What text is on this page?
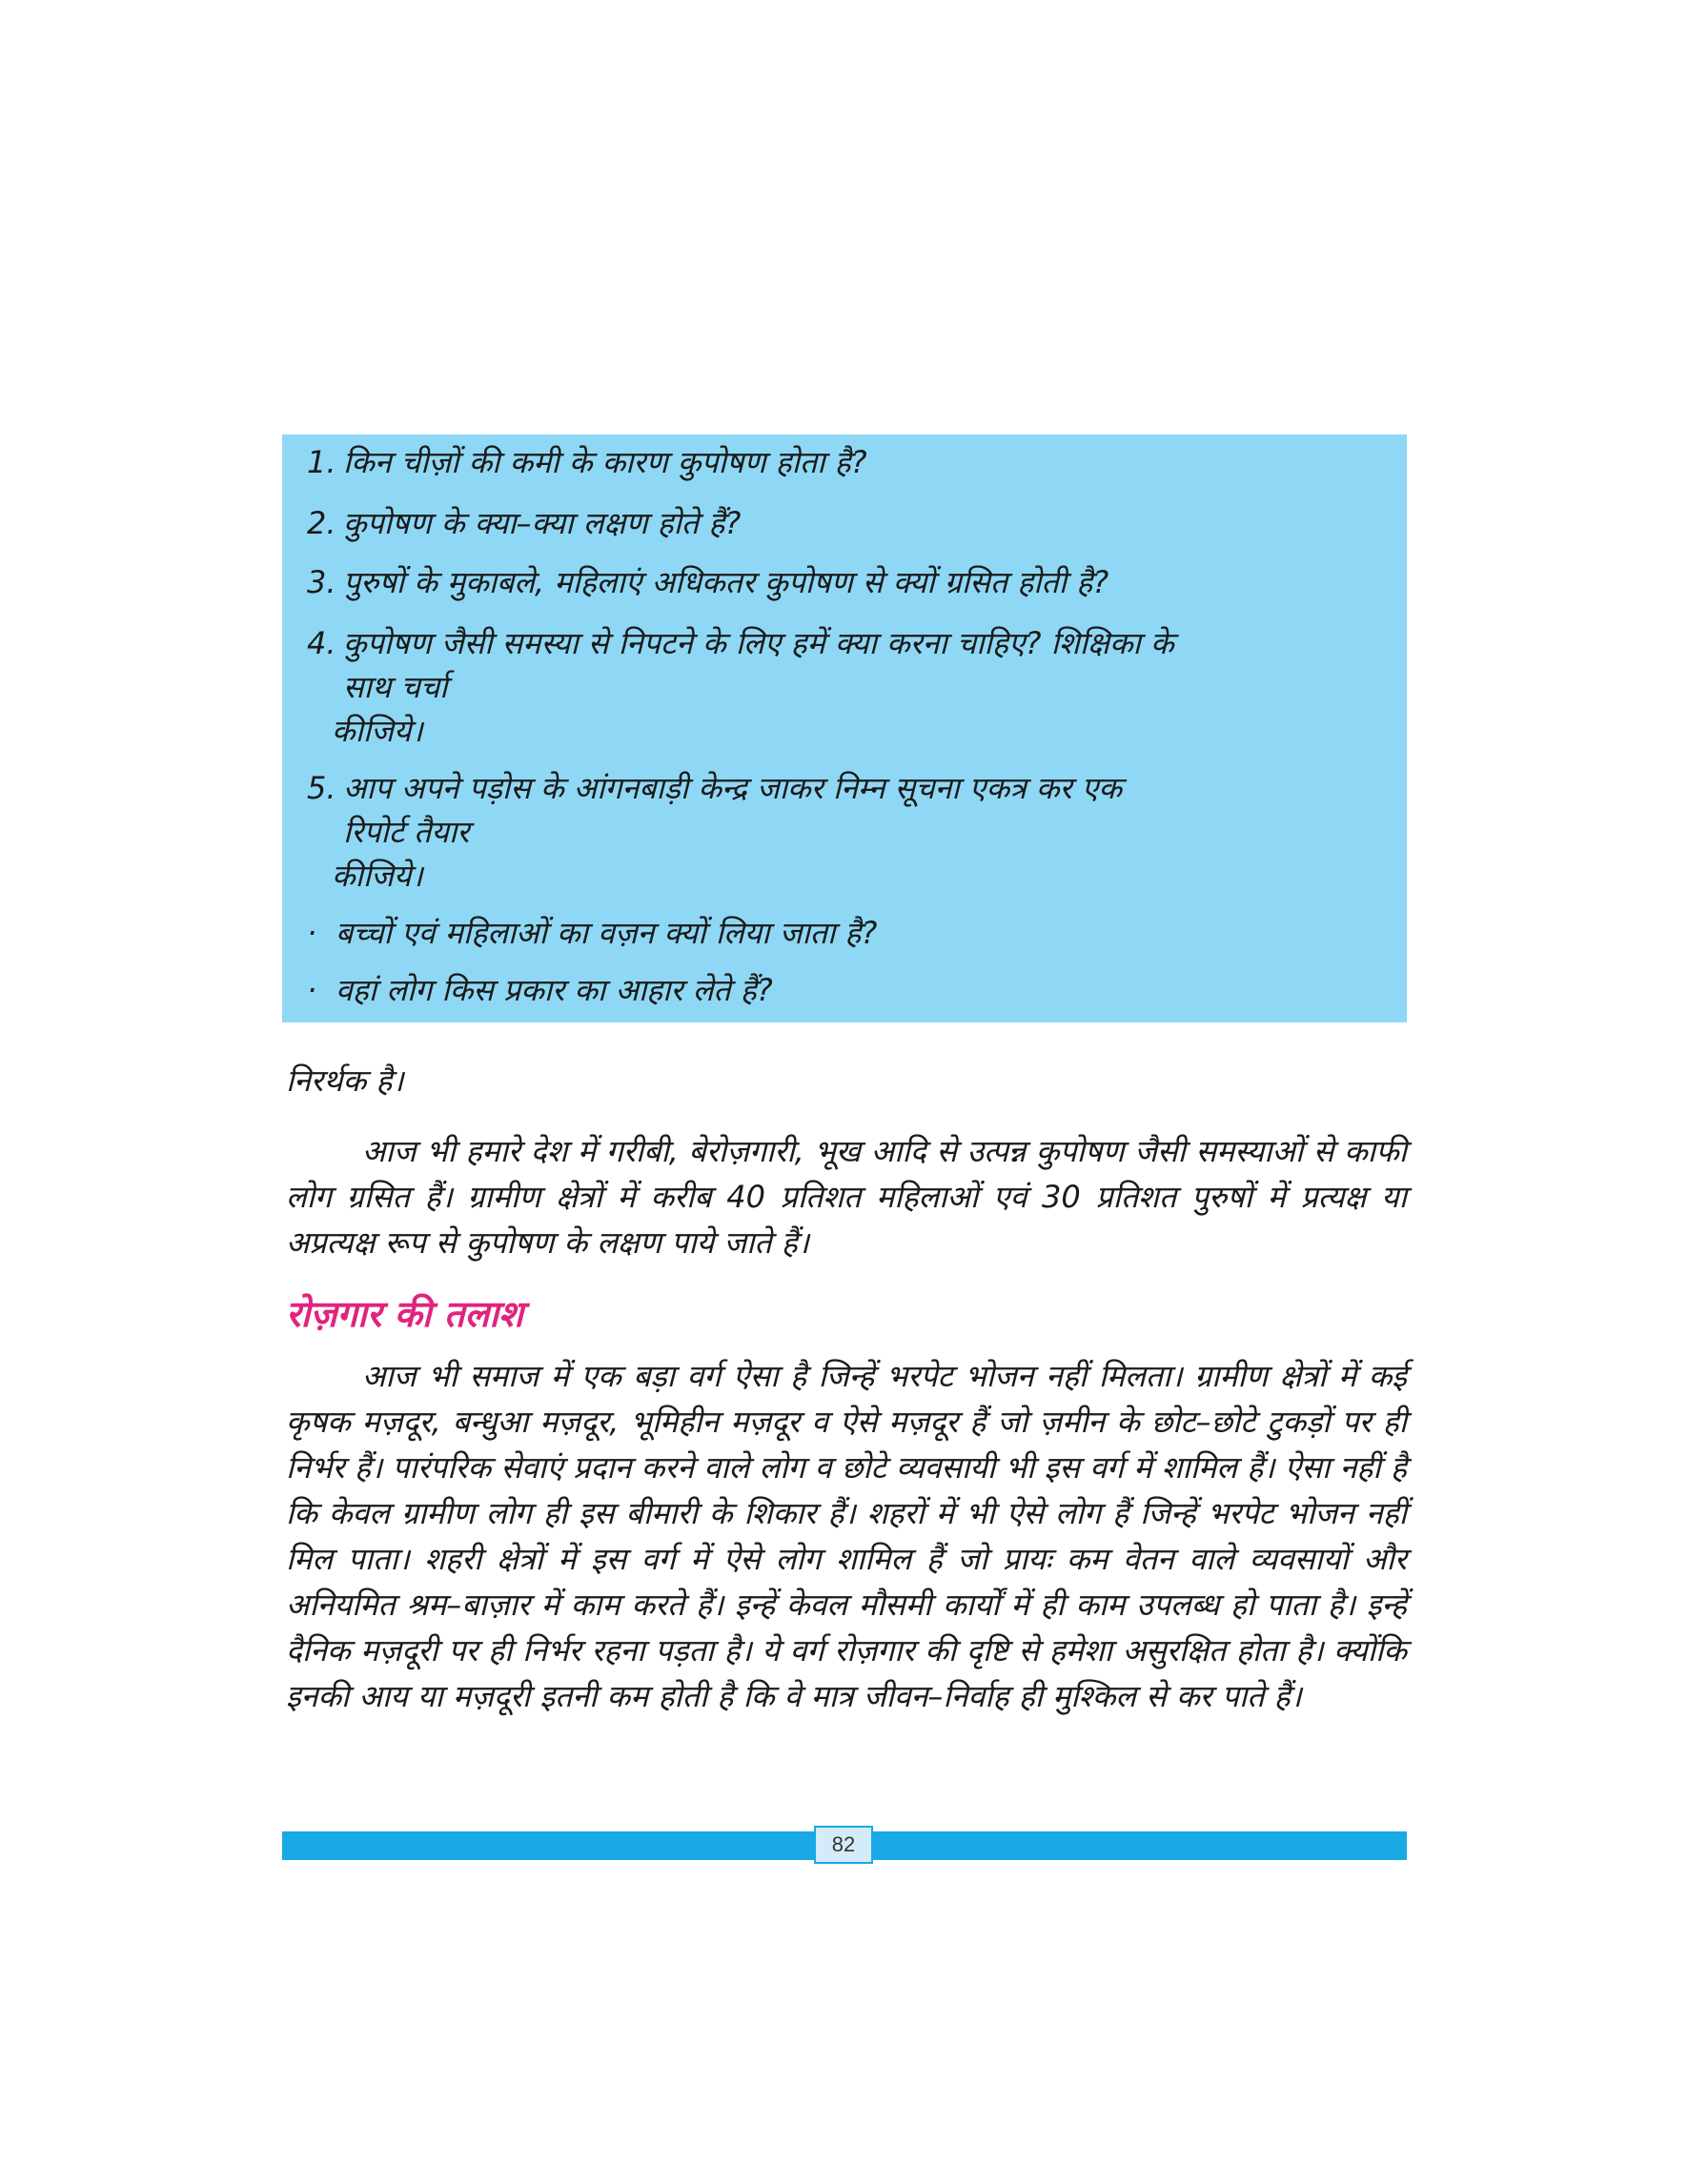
1. किन चीज़ों की कमी के कारण कुपोषण होता है?

2. कुपोषण के क्या–क्या लक्षण होते हैं?

3. पुरुषों के मुकाबले, महिलाएं अधिकतर कुपोषण से क्यों ग्रसित होती है?

4. कुपोषण जैसी समस्या से निपटने के लिए हमें क्या करना चाहिए? शिक्षिका के
साथ चर्चा
कीजिये।

5. आप अपने पड़ोस के आंगनबाड़ी केन्द्र जाकर निम्न सूचना एकत्र कर एक
रिपोर्ट तैयार
कीजिये।

· बच्चों एवं महिलाओं का वज़न क्यों लिया जाता है?

· वहां लोग किस प्रकार का आहार लेते हैं?

निरर्थक है।

आज भी हमारे देश में गरीबी, बेरोज़गारी, भूख आदि से उत्पन्न कुपोषण जैसी समस्याओं से काफी लोग ग्रसित हैं। ग्रामीण क्षेत्रों में करीब 40 प्रतिशत महिलाओं एवं 30 प्रतिशत पुरुषों में प्रत्यक्ष या अप्रत्यक्ष रूप से कुपोषण के लक्षण पाये जाते हैं।

रोज़गार की तलाश

आज भी समाज में एक बड़ा वर्ग ऐसा है जिन्हें भरपेट भोजन नहीं मिलता। ग्रामीण क्षेत्रों में कई कृषक मज़दूर, बन्धुआ मज़दूर, भूमिहीन मज़दूर व ऐसे मज़दूर हैं जो ज़मीन के छोट–छोटे टुकड़ों पर ही निर्भर हैं। पारंपरिक सेवाएं प्रदान करने वाले लोग व छोटे व्यवसायी भी इस वर्ग में शामिल हैं। ऐसा नहीं है कि केवल ग्रामीण लोग ही इस बीमारी के शिकार हैं। शहरों में भी ऐसे लोग हैं जिन्हें भरपेट भोजन नहीं मिल पाता। शहरी क्षेत्रों में इस वर्ग में ऐसे लोग शामिल हैं जो प्रायः कम वेतन वाले व्यवसायों और अनियमित श्रम–बाज़ार में काम करते हैं। इन्हें केवल मौसमी कार्यों में ही काम उपलब्ध हो पाता है। इन्हें दैनिक मज़दूरी पर ही निर्भर रहना पड़ता है। ये वर्ग रोज़गार की दृष्टि से हमेशा असुरक्षित होता है। क्योंकि इनकी आय या मज़दूरी इतनी कम होती है कि वे मात्र जीवन–निर्वाह ही मुश्किल से कर पाते हैं।

82
